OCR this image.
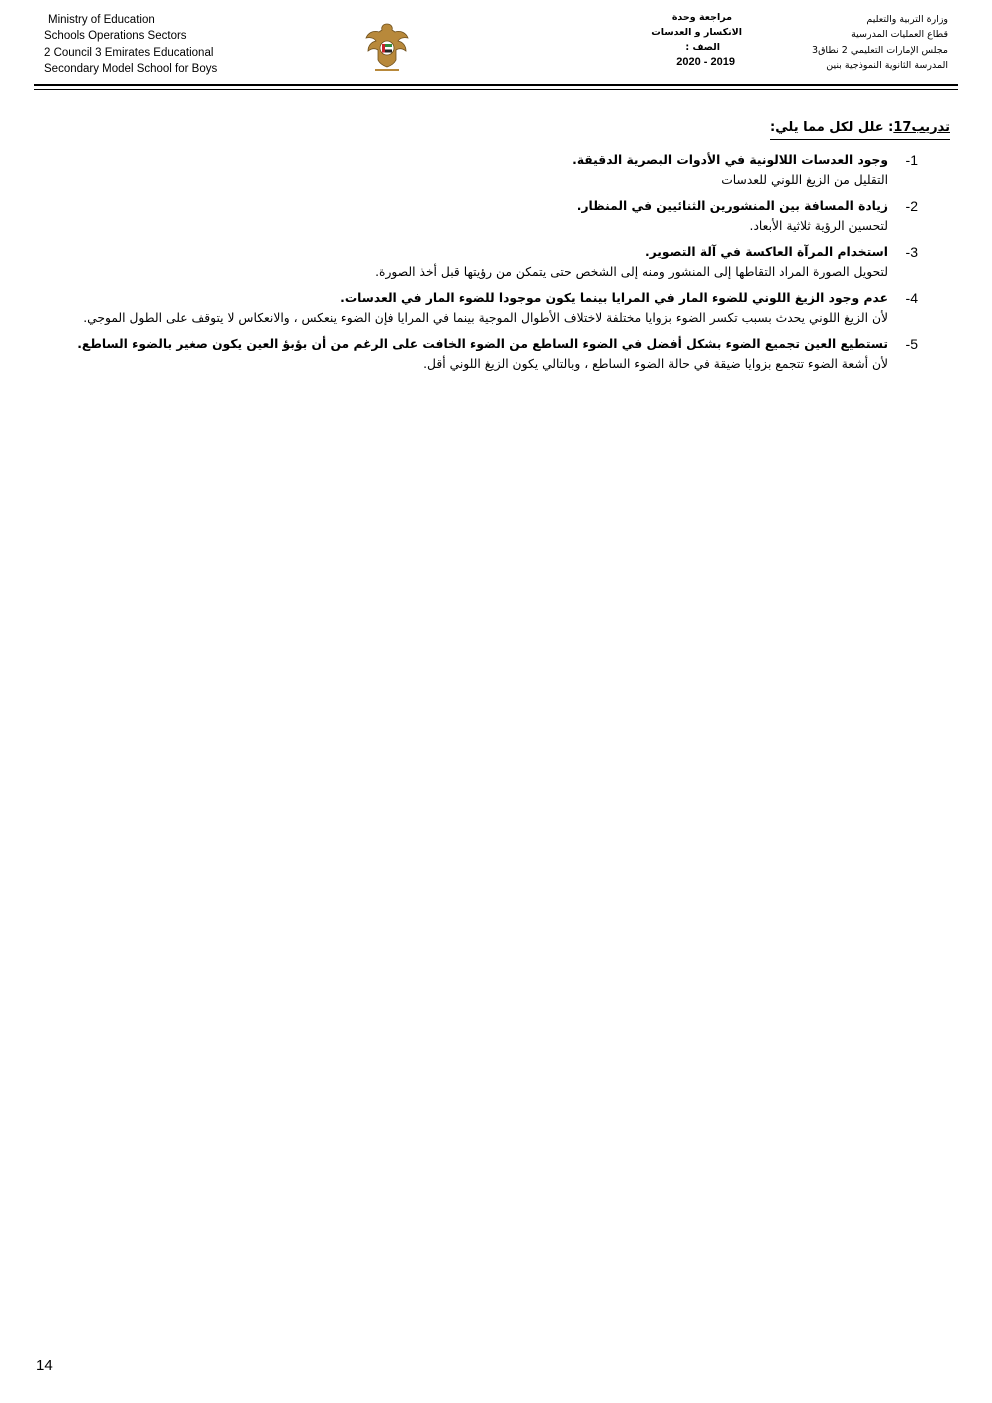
Ministry of Education
Schools Operations Sectors
2 Council 3 Emirates Educational
Secondary Model School for Boys
مراجعة وحدة
الانكسار و العدسات
الصف :
2020 - 2019
وزارة التربية والتعليم
قطاع العمليات المدرسية
مجلس الإمارات التعليمي 2 نطاق3
المدرسة الثانوية النموذجية بنين
تدريب17: علل لكل مما يلي:
-1
وجود العدسات اللالونية في الأدوات البصرية الدقيقة.
التقليل من الزيغ اللوني للعدسات
-2
زيادة المسافة بين المنشورين الثنائيين في المنظار.
لتحسين الرؤية ثلاثية الأبعاد.
-3
استخدام المرآة العاكسة في آلة التصوير.
لتحويل الصورة المراد التقاطها إلى المنشور ومنه إلى الشخص حتى يتمكن من رؤيتها قبل أخذ الصورة.
-4
عدم وجود الزيغ اللوني للضوء المار في المرايا بينما يكون موجودا للضوء المار في العدسات.
لأن الزيغ اللوني يحدث بسبب تكسر الضوء بزوايا مختلفة لاختلاف الأطوال الموجية بينما في المرايا فإن الضوء ينعكس ، والانعكاس لا يتوقف على الطول الموجي.
-5
تستطيع العين تجميع الضوء بشكل أفضل في الضوء الساطع من الضوء الخافت على الرغم من أن بؤبؤ العين يكون صغير بالضوء الساطع.
لأن أشعة الضوء تتجمع بزوايا ضيقة في حالة الضوء الساطع ، وبالتالي يكون الزيغ اللوني أقل.
14
